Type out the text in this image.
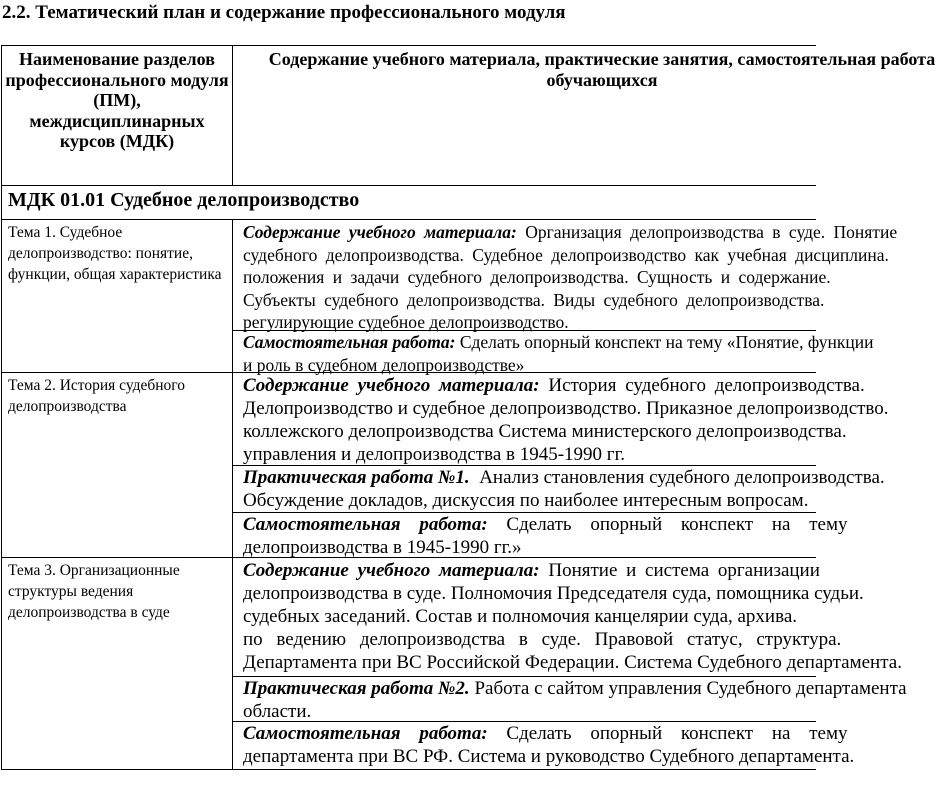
2.2. Тематический план и содержание профессионального модуля
Наименование разделов профессионального модуля (ПМ), междисциплинарных курсов (МДК)
Содержание учебного материала, практические занятия, самостоятельная работа обучающихся
МДК 01.01 Судебное делопроизводство
Тема 1. Судебное делопроизводство: понятие, функции, общая характеристика
Содержание учебного материала: Организация делопроизводства в суде. Понятие
судебного делопроизводства. Судебное делопроизводство как учебная дисциплина.
положения и задачи судебного делопроизводства. Сущность и содержание.
Субъекты судебного делопроизводства. Виды судебного делопроизводства.
регулирующие судебное делопроизводство.
Самостоятельная работа: Сделать опорный конспект на тему «Понятие, функции
и роль в судебном делопроизводстве»
Тема 2. История судебного делопроизводства
Содержание учебного материала: История судебного делопроизводства.
Делопроизводство и судебное делопроизводство. Приказное делопроизводство.
коллежского делопроизводства Система министерского делопроизводства.
управления и делопроизводства в 1945-1990 гг.
Практическая работа №1. Анализ становления судебного делопроизводства.
Обсуждение докладов, дискуссия по наиболее интересным вопросам.
Самостоятельная работа: Сделать опорный конспект на тему
делопроизводства в 1945-1990 гг.»
Тема 3. Организационные структуры ведения делопроизводства в суде
Содержание учебного материала: Понятие и система организации
делопроизводства в суде. Полномочия Председателя суда, помощника судьи.
судебных заседаний. Состав и полномочия канцелярии суда, архива.
по ведению делопроизводства в суде. Правовой статус, структура.
Департамента при ВС Российской Федерации. Система Судебного департамента.
Практическая работа №2. Работа с сайтом управления Судебного департамента
области.
Самостоятельная работа: Сделать опорный конспект на тему
департамента при ВС РФ. Система и руководство Судебного департамента.
